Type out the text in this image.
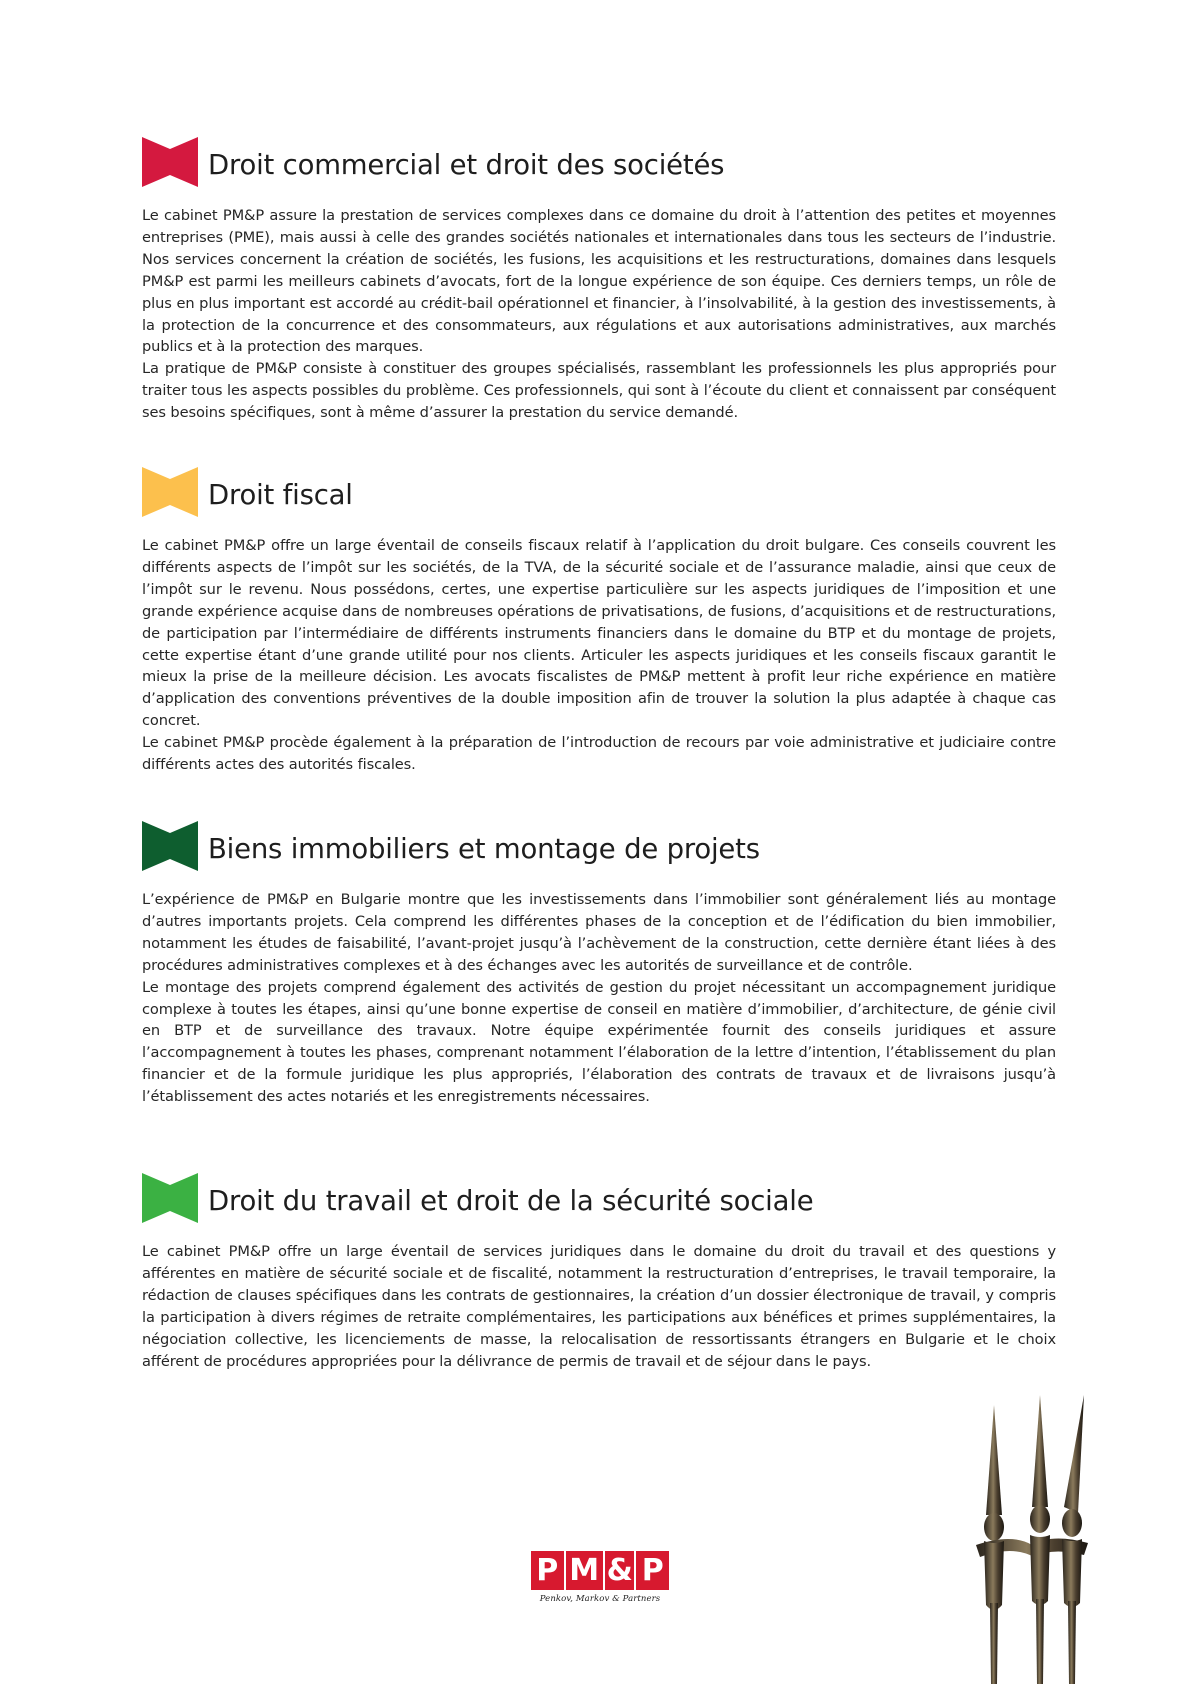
Droit commercial et droit des sociétés

Le cabinet PM&P assure la prestation de services complexes dans ce domaine du droit à l’attention des petites et moyennes entreprises (PME), mais aussi à celle des grandes sociétés nationales et internationales dans tous les secteurs de l’industrie. Nos services concernent la création de sociétés, les fusions, les acquisitions et les restructurations, domaines dans lesquels PM&P est parmi les meilleurs cabinets d’avocats, fort de la longue expérience de son équipe. Ces derniers temps, un rôle de plus en plus important est accordé au crédit-bail opérationnel et financier, à l’insolvabilité, à la gestion des investissements, à la protection de la concurrence et des consommateurs, aux régulations et aux autorisations administratives, aux marchés publics et à la protection des marques.

La pratique de PM&P consiste à constituer des groupes spécialisés, rassemblant les professionnels les plus appropriés pour traiter tous les aspects possibles du problème. Ces professionnels, qui sont à l’écoute du client et connaissent par conséquent ses besoins spécifiques, sont à même d’assurer la prestation du service demandé.

Droit fiscal

Le cabinet PM&P offre un large éventail de conseils fiscaux relatif à l’application du droit bulgare. Ces conseils couvrent les différents aspects de l’impôt sur les sociétés, de la TVA, de la sécurité sociale et de l’assurance maladie, ainsi que ceux de l’impôt sur le revenu. Nous possédons, certes, une expertise particulière sur les aspects juridiques de l’imposition et une grande expérience acquise dans de nombreuses opérations de privatisations, de fusions, d’acquisitions et de restructurations, de participation par l’intermédiaire de différents instruments financiers dans le domaine du BTP et du montage de projets, cette expertise étant d’une grande utilité pour nos clients. Articuler les aspects juridiques et les conseils fiscaux garantit le mieux la prise de la meilleure décision. Les avocats fiscalistes de PM&P mettent à profit leur riche expérience en matière d’application des conventions préventives de la double imposition afin de trouver la solution la plus adaptée à chaque cas concret.

Le cabinet PM&P procède également à la préparation de l’introduction de recours par voie administrative et judiciaire contre différents actes des autorités fiscales.

Biens immobiliers et montage de projets

L’expérience de PM&P en Bulgarie montre que les investissements dans l’immobilier sont généralement liés au montage d’autres importants projets. Cela comprend les différentes phases de la conception et de l’édification du bien immobilier, notamment les études de faisabilité, l’avant-projet jusqu’à l’achèvement de la construction, cette dernière étant liées à des procédures administratives complexes et à des échanges avec les autorités de surveillance et de contrôle.

Le montage des projets comprend également des activités de gestion du projet nécessitant un accompagnement juridique complexe à toutes les étapes, ainsi qu’une bonne expertise de conseil en matière d’immobilier, d’architecture, de génie civil en BTP et de surveillance des travaux. Notre équipe expérimentée fournit des conseils juridiques et assure l’accompagnement à toutes les phases, comprenant notamment l’élaboration de la lettre d’intention, l’établissement du plan financier et de la formule juridique les plus appropriés, l’élaboration des contrats de travaux et de livraisons jusqu’à l’établissement des actes notariés et les enregistrements nécessaires.

Droit du travail et droit de la sécurité sociale

Le cabinet PM&P offre un large éventail de services juridiques dans le domaine du droit du travail et des questions y afférentes en matière de sécurité sociale et de fiscalité, notamment la restructuration d’entreprises, le travail temporaire, la rédaction de clauses spécifiques dans les contrats de gestionnaires, la création d’un dossier électronique de travail, y compris la participation à divers régimes de retraite complémentaires, les participations aux bénéfices et primes supplémentaires, la négociation collective, les licenciements de masse, la relocalisation de ressortissants étrangers en Bulgarie et le choix afférent de procédures appropriées pour la délivrance de permis de travail et de séjour dans le pays.

P M & P
Penkov, Markov & Partners
